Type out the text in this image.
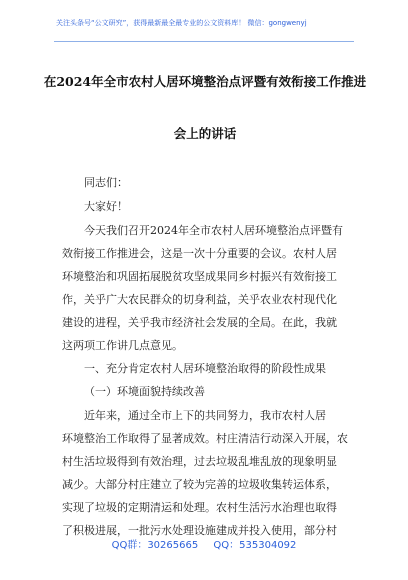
关注头条号“公文研究”，获得最新最全最专业的公文资料库！ 微信：gongwenyj
在2024年全市农村人居环境整治点评暨有效衔接工作推进
会上的讲话
同志们：
大家好！
今天我们召开2024年全市农村人居环境整治点评暨有
效衔接工作推进会，这是一次十分重要的会议。农村人居
环境整治和巩固拓展脱贫攻坚成果同乡村振兴有效衔接工
作，关乎广大农民群众的切身利益，关乎农业农村现代化
建设的进程，关乎我市经济社会发展的全局。在此，我就
这两项工作讲几点意见。
一、充分肯定农村人居环境整治取得的阶段性成果
（一）环境面貌持续改善
近年来，通过全市上下的共同努力，我市农村人居
环境整治工作取得了显著成效。村庄清洁行动深入开展，农
村生活垃圾得到有效治理，过去垃圾乱堆乱放的现象明显
减少。大部分村庄建立了较为完善的垃圾收集转运体系，
实现了垃圾的定期清运和处理。农村生活污水治理也取得
了积极进展，一批污水处理设施建成并投入使用，部分村
QQ群：30265665 QQ：535304092
